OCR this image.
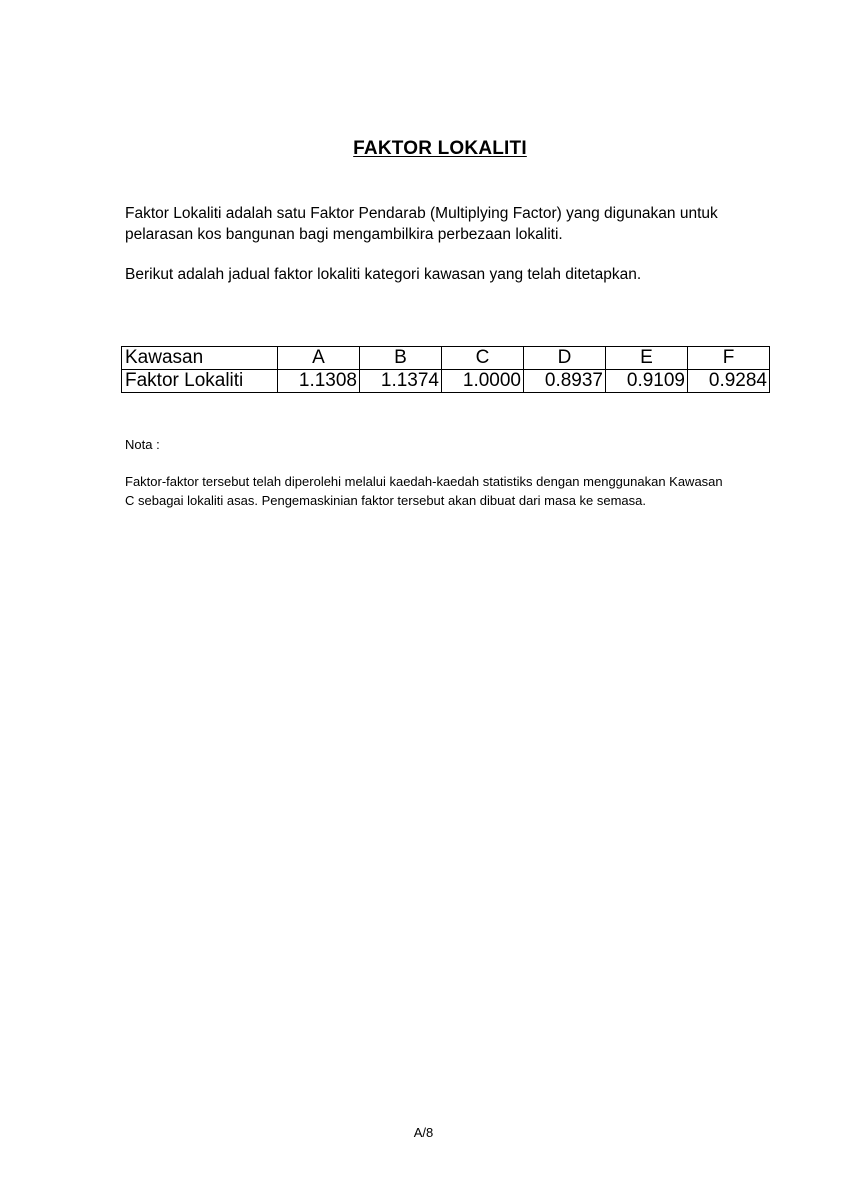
FAKTOR LOKALITI

Faktor Lokaliti adalah satu Faktor Pendarab (Multiplying Factor) yang digunakan untuk pelarasan kos bangunan bagi mengambilkira perbezaan lokaliti.

Berikut adalah jadual faktor lokaliti kategori kawasan yang telah ditetapkan.

Kawasan	A	B	C	D	E	F
Faktor Lokaliti	1.1308	1.1374	1.0000	0.8937	0.9109	0.9284

Nota :

Faktor-faktor tersebut telah diperolehi melalui kaedah-kaedah statistiks dengan menggunakan Kawasan C sebagai lokaliti asas. Pengemaskinian faktor tersebut akan dibuat dari masa ke semasa.

A/8
